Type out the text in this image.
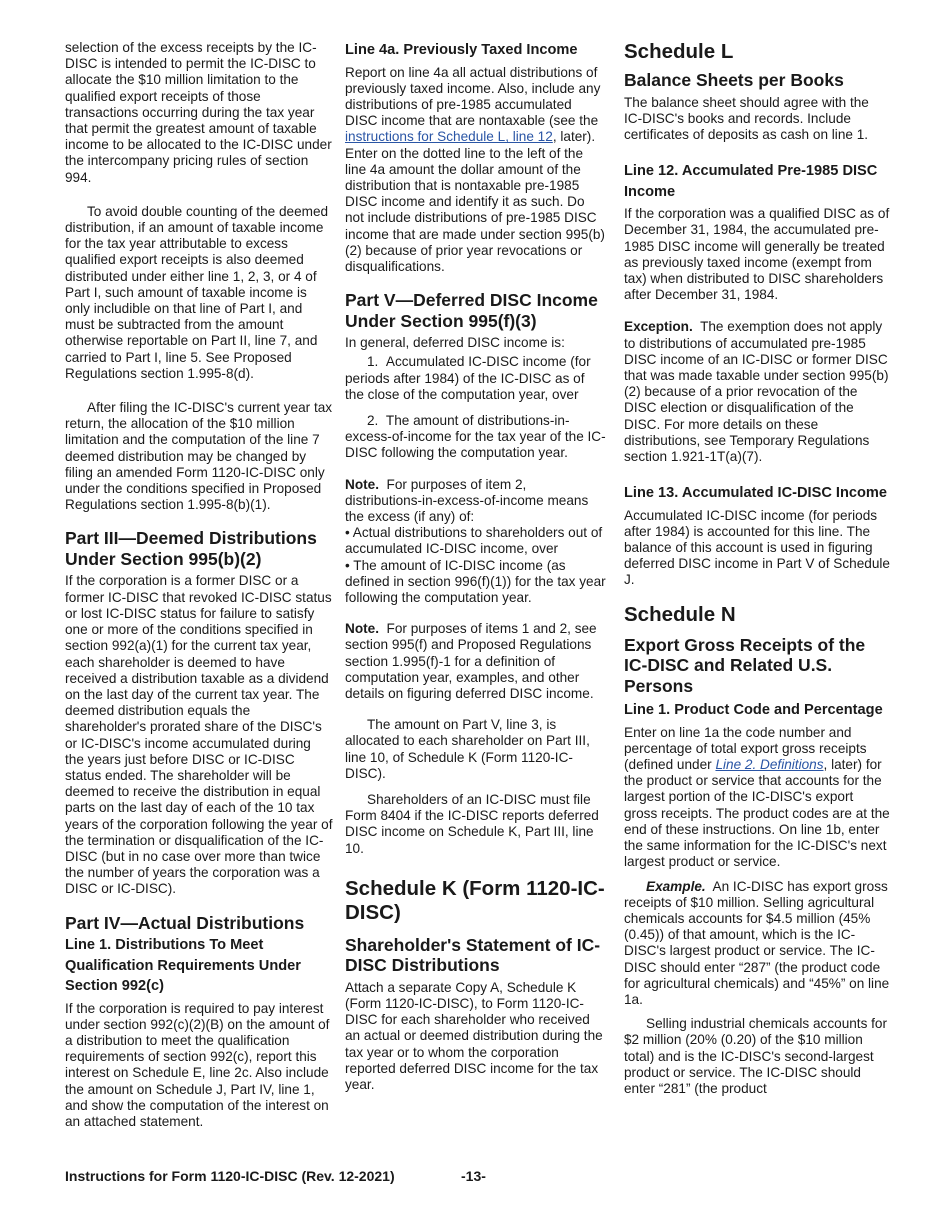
selection of the excess receipts by the IC-DISC is intended to permit the IC-DISC to allocate the $10 million limitation to the qualified export receipts of those transactions occurring during the tax year that permit the greatest amount of taxable income to be allocated to the IC-DISC under the intercompany pricing rules of section 994.

To avoid double counting of the deemed distribution, if an amount of taxable income for the tax year attributable to excess qualified export receipts is also deemed distributed under either line 1, 2, 3, or 4 of Part I, such amount of taxable income is only includible on that line of Part I, and must be subtracted from the amount otherwise reportable on Part II, line 7, and carried to Part I, line 5. See Proposed Regulations section 1.995-8(d).

After filing the IC-DISC's current year tax return, the allocation of the $10 million limitation and the computation of the line 7 deemed distribution may be changed by filing an amended Form 1120-IC-DISC only under the conditions specified in Proposed Regulations section 1.995-8(b)(1).

Part III—Deemed Distributions Under Section 995(b)(2)

If the corporation is a former DISC or a former IC-DISC that revoked IC-DISC status or lost IC-DISC status for failure to satisfy one or more of the conditions specified in section 992(a)(1) for the current tax year, each shareholder is deemed to have received a distribution taxable as a dividend on the last day of the current tax year. The deemed distribution equals the shareholder's prorated share of the DISC's or IC-DISC's income accumulated during the years just before DISC or IC-DISC status ended. The shareholder will be deemed to receive the distribution in equal parts on the last day of each of the 10 tax years of the corporation following the year of the termination or disqualification of the IC-DISC (but in no case over more than twice the number of years the corporation was a DISC or IC-DISC).

Part IV—Actual Distributions
Line 1. Distributions To Meet Qualification Requirements Under Section 992(c)

If the corporation is required to pay interest under section 992(c)(2)(B) on the amount of a distribution to meet the qualification requirements of section 992(c), report this interest on Schedule E, line 2c. Also include the amount on Schedule J, Part IV, line 1, and show the computation of the interest on an attached statement.

Line 4a. Previously Taxed Income

Report on line 4a all actual distributions of previously taxed income. Also, include any distributions of pre-1985 accumulated DISC income that are nontaxable (see the instructions for Schedule L, line 12, later). Enter on the dotted line to the left of the line 4a amount the dollar amount of the distribution that is nontaxable pre-1985 DISC income and identify it as such. Do not include distributions of pre-1985 DISC income that are made under section 995(b)(2) because of prior year revocations or disqualifications.

Part V—Deferred DISC Income Under Section 995(f)(3)

In general, deferred DISC income is:

1.  Accumulated IC-DISC income (for periods after 1984) of the IC-DISC as of the close of the computation year, over

2.  The amount of distributions-in-excess-of-income for the tax year of the IC-DISC following the computation year.

Note. For purposes of item 2, distributions-in-excess-of-income means the excess (if any) of:

• Actual distributions to shareholders out of accumulated IC-DISC income, over

• The amount of IC-DISC income (as defined in section 996(f)(1)) for the tax year following the computation year.

Note. For purposes of items 1 and 2, see section 995(f) and Proposed Regulations section 1.995(f)-1 for a definition of computation year, examples, and other details on figuring deferred DISC income.

The amount on Part V, line 3, is allocated to each shareholder on Part III, line 10, of Schedule K (Form 1120-IC-DISC).

Shareholders of an IC-DISC must file Form 8404 if the IC-DISC reports deferred DISC income on Schedule K, Part III, line 10.

Schedule K (Form 1120-IC-DISC)
Shareholder's Statement of IC-DISC Distributions

Attach a separate Copy A, Schedule K (Form 1120-IC-DISC), to Form 1120-IC-DISC for each shareholder who received an actual or deemed distribution during the tax year or to whom the corporation reported deferred DISC income for the tax year.

Schedule L
Balance Sheets per Books

The balance sheet should agree with the IC-DISC's books and records. Include certificates of deposits as cash on line 1.

Line 12. Accumulated Pre-1985 DISC Income

If the corporation was a qualified DISC as of December 31, 1984, the accumulated pre-1985 DISC income will generally be treated as previously taxed income (exempt from tax) when distributed to DISC shareholders after December 31, 1984.

Exception. The exemption does not apply to distributions of accumulated pre-1985 DISC income of an IC-DISC or former DISC that was made taxable under section 995(b)(2) because of a prior revocation of the DISC election or disqualification of the DISC. For more details on these distributions, see Temporary Regulations section 1.921-1T(a)(7).

Line 13. Accumulated IC-DISC Income

Accumulated IC-DISC income (for periods after 1984) is accounted for this line. The balance of this account is used in figuring deferred DISC income in Part V of Schedule J.

Schedule N
Export Gross Receipts of the IC-DISC and Related U.S. Persons
Line 1. Product Code and Percentage

Enter on line 1a the code number and percentage of total export gross receipts (defined under Line 2. Definitions, later) for the product or service that accounts for the largest portion of the IC-DISC's export gross receipts. The product codes are at the end of these instructions. On line 1b, enter the same information for the IC-DISC's next largest product or service.

Example. An IC-DISC has export gross receipts of $10 million. Selling agricultural chemicals accounts for $4.5 million (45% (0.45)) of that amount, which is the IC-DISC's largest product or service. The IC-DISC should enter “287” (the product code for agricultural chemicals) and “45%” on line 1a.

Selling industrial chemicals accounts for $2 million (20% (0.20) of the $10 million total) and is the IC-DISC's second-largest product or service. The IC-DISC should enter “281” (the product

Instructions for Form 1120-IC-DISC (Rev. 12-2021)	-13-
